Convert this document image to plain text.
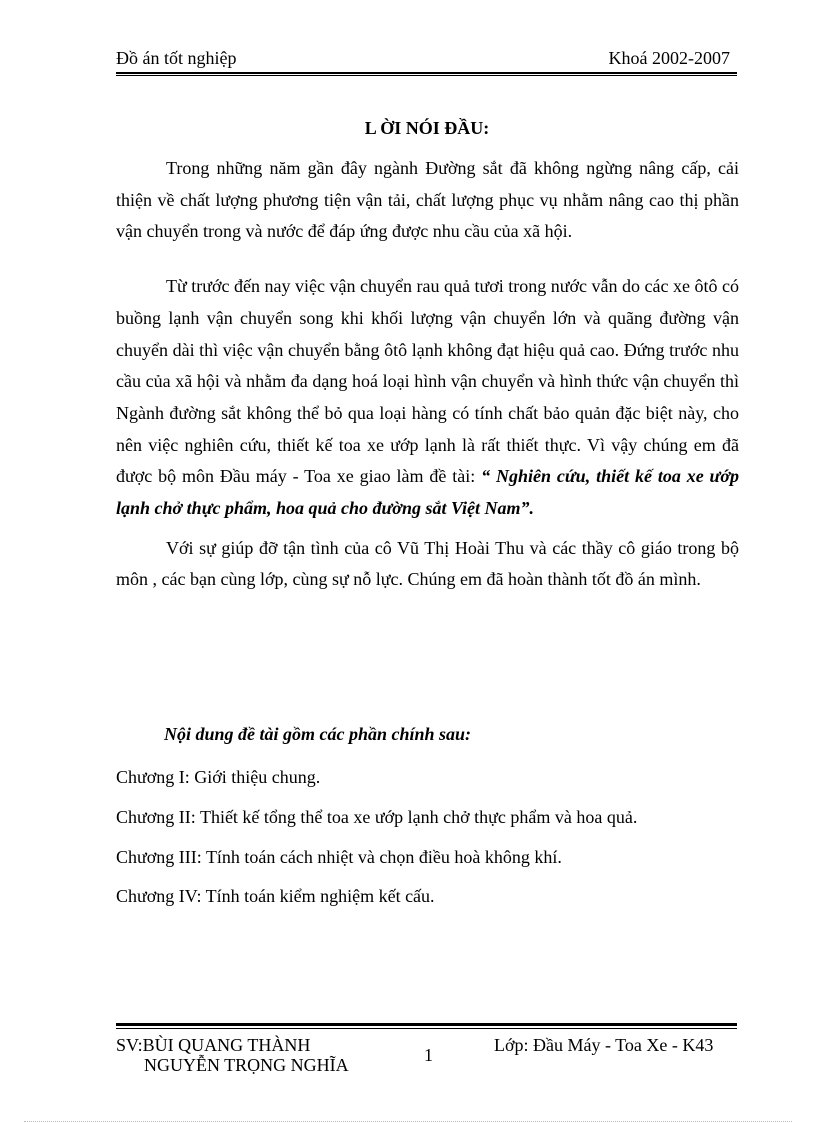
Đồ án tốt nghiệp	Khoá 2002-2007
L ỜI NÓI ĐẦU:

Trong những năm gần đây ngành Đường sắt đã không ngừng nâng cấp, cải thiện về chất lượng phương tiện vận tải, chất lượng phục vụ nhằm nâng cao thị phần vận chuyển trong và nước để đáp ứng được nhu cầu của xã hội.

Từ trước đến nay việc vận chuyển rau quả tươi trong nước vẫn do các xe ôtô có buồng lạnh vận chuyển song khi khối lượng vận chuyển lớn và quãng đường vận chuyển dài thì việc vận chuyển bằng ôtô lạnh không đạt hiệu quả cao. Đứng trước nhu cầu của xã hội và nhằm đa dạng hoá loại hình vận chuyển và hình thức vận chuyển thì Ngành đường sắt không thể bỏ qua loại hàng có tính chất bảo quản đặc biệt này, cho nên việc nghiên cứu, thiết kế toa xe ướp lạnh là rất thiết thực. Vì vậy chúng em đã được bộ môn Đầu máy - Toa xe giao làm đề tài: “ Nghiên cứu, thiết kế toa xe ướp lạnh chở thực phẩm, hoa quả cho đường sắt Việt Nam”.

Với sự giúp đỡ tận tình của cô Vũ Thị Hoài Thu và các thầy cô giáo trong bộ môn , các bạn cùng lớp, cùng sự nỗ lực. Chúng em đã hoàn thành tốt đồ án mình.

Nội dung đề tài gồm các phần chính sau:
Chương I: Giới thiệu chung.
Chương II: Thiết kế tổng thể toa xe ướp lạnh chở thực phẩm và hoa quả.
Chương III: Tính toán cách nhiệt và chọn điều hoà không khí.
Chương IV: Tính toán kiểm nghiệm kết cấu.
SV:BÙI QUANG THÀNH
NGUYỄN TRỌNG NGHĨA	1	Lớp: Đầu Máy - Toa Xe - K43
